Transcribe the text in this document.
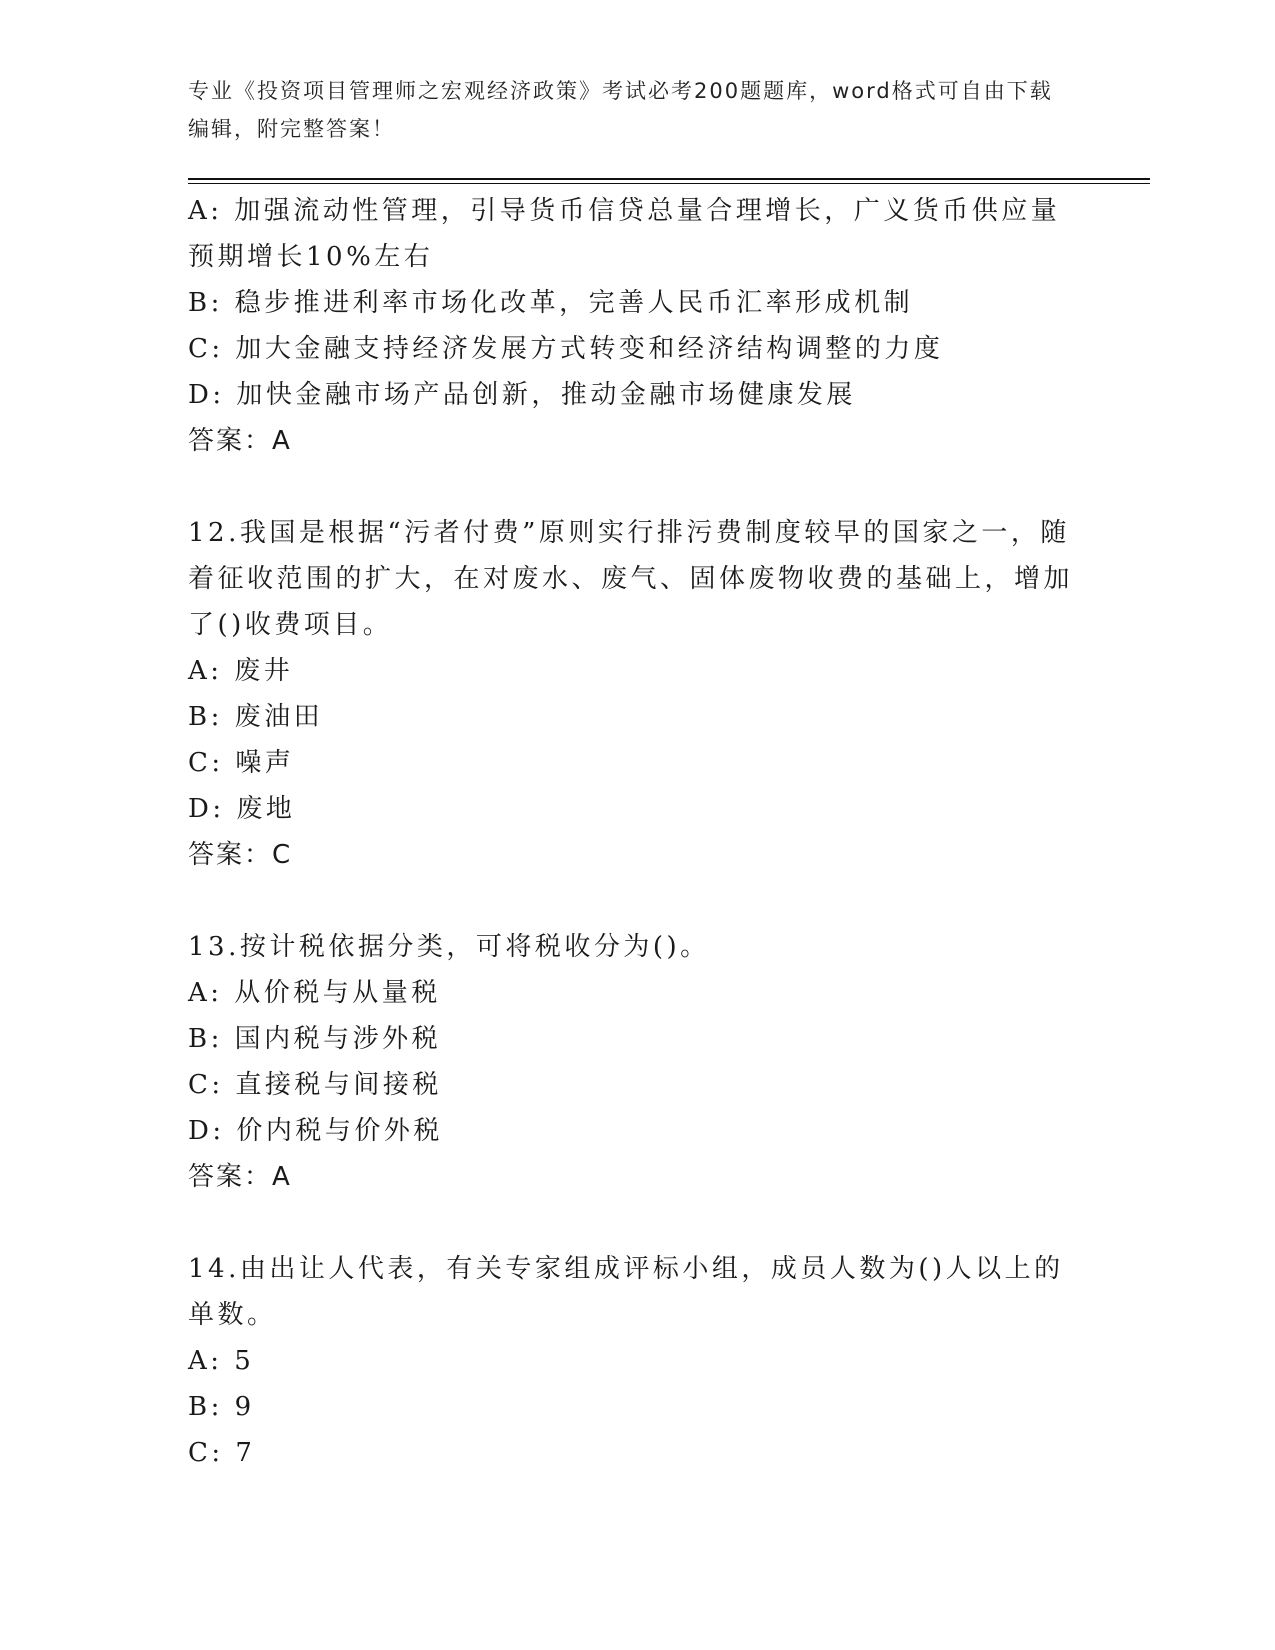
专业《投资项目管理师之宏观经济政策》考试必考200题题库，word格式可自由下载编辑，附完整答案！

A: 加强流动性管理，引导货币信贷总量合理增长，广义货币供应量预期增长10%左右

B: 稳步推进利率市场化改革，完善人民币汇率形成机制

C: 加大金融支持经济发展方式转变和经济结构调整的力度

D: 加快金融市场产品创新，推动金融市场健康发展

答案：A

12.我国是根据“污者付费”原则实行排污费制度较早的国家之一，随着征收范围的扩大，在对废水、废气、固体废物收费的基础上，增加了()收费项目。

A: 废井

B: 废油田

C: 噪声

D: 废地

答案：C

13.按计税依据分类，可将税收分为()。

A: 从价税与从量税

B: 国内税与涉外税

C: 直接税与间接税

D: 价内税与价外税

答案：A

14.由出让人代表，有关专家组成评标小组，成员人数为()人以上的单数。

A: 5

B: 9

C: 7
